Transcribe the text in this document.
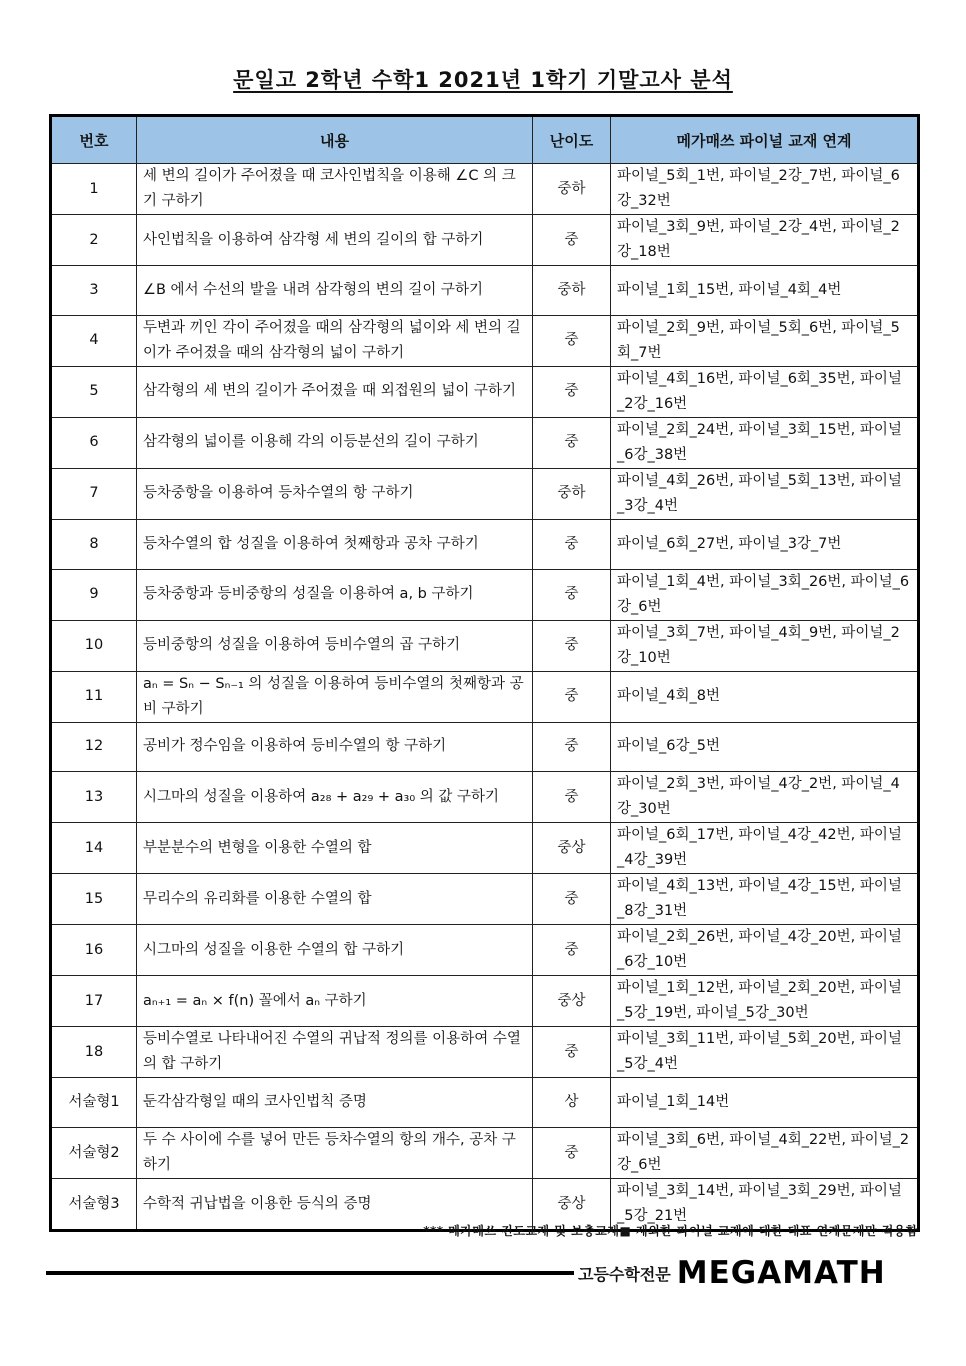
문일고 2학년 수학1 2021년 1학기 기말고사 분석
번호	내용	난이도	메가매쓰 파이널 교재 연계
1	세 변의 길이가 주어졌을 때 코사인법칙을 이용해 ∠C 의 크기 구하기	중하	파이널_5회_1번, 파이널_2강_7번, 파이널_6강_32번
2	사인법칙을 이용하여 삼각형 세 변의 길이의 합 구하기	중	파이널_3회_9번, 파이널_2강_4번, 파이널_2강_18번
3	∠B 에서 수선의 발을 내려 삼각형의 변의 길이 구하기	중하	파이널_1회_15번, 파이널_4회_4번
4	두변과 끼인 각이 주어졌을 때의 삼각형의 넓이와 세 변의 길이가 주어졌을 때의 삼각형의 넓이 구하기	중	파이널_2회_9번, 파이널_5회_6번, 파이널_5회_7번
5	삼각형의 세 변의 길이가 주어졌을 때 외접원의 넓이 구하기	중	파이널_4회_16번, 파이널_6회_35번, 파이널_2강_16번
6	삼각형의 넓이를 이용해 각의 이등분선의 길이 구하기	중	파이널_2회_24번, 파이널_3회_15번, 파이널_6강_38번
7	등차중항을 이용하여 등차수열의 항 구하기	중하	파이널_4회_26번, 파이널_5회_13번, 파이널_3강_4번
8	등차수열의 합 성질을 이용하여 첫째항과 공차 구하기	중	파이널_6회_27번, 파이널_3강_7번
9	등차중항과 등비중항의 성질을 이용하여 a, b 구하기	중	파이널_1회_4번, 파이널_3회_26번, 파이널_6강_6번
10	등비중항의 성질을 이용하여 등비수열의 곱 구하기	중	파이널_3회_7번, 파이널_4회_9번, 파이널_2강_10번
11	aₙ = Sₙ − Sₙ₋₁ 의 성질을 이용하여 등비수열의 첫째항과 공비 구하기	중	파이널_4회_8번
12	공비가 정수임을 이용하여 등비수열의 항 구하기	중	파이널_6강_5번
13	시그마의 성질을 이용하여 a₂₈ + a₂₉ + a₃₀ 의 값 구하기	중	파이널_2회_3번, 파이널_4강_2번, 파이널_4강_30번
14	부분분수의 변형을 이용한 수열의 합	중상	파이널_6회_17번, 파이널_4강_42번, 파이널_4강_39번
15	무리수의 유리화를 이용한 수열의 합	중	파이널_4회_13번, 파이널_4강_15번, 파이널_8강_31번
16	시그마의 성질을 이용한 수열의 합 구하기	중	파이널_2회_26번, 파이널_4강_20번, 파이널_6강_10번
17	aₙ₊₁ = aₙ × f(n) 꼴에서 aₙ 구하기	중상	파이널_1회_12번, 파이널_2회_20번, 파이널_5강_19번, 파이널_5강_30번
18	등비수열로 나타내어진 수열의 귀납적 정의를 이용하여 수열의 합 구하기	중	파이널_3회_11번, 파이널_5회_20번, 파이널_5강_4번
서술형1	둔각삼각형일 때의 코사인법칙 증명	상	파이널_1회_14번
서술형2	두 수 사이에 수를 넣어 만든 등차수열의 항의 개수, 공차 구하기	중	파이널_3회_6번, 파이널_4회_22번, 파이널_2강_6번
서술형3	수학적 귀납법을 이용한 등식의 증명	중상	파이널_3회_14번, 파이널_3회_29번, 파이널_5강_21번
*** 메가매쓰 진도교재 및 보충교재■ 제외한 파이널 교재에 대한 대표 연계문제만 적용함
고등수학전문 MEGAMATH
